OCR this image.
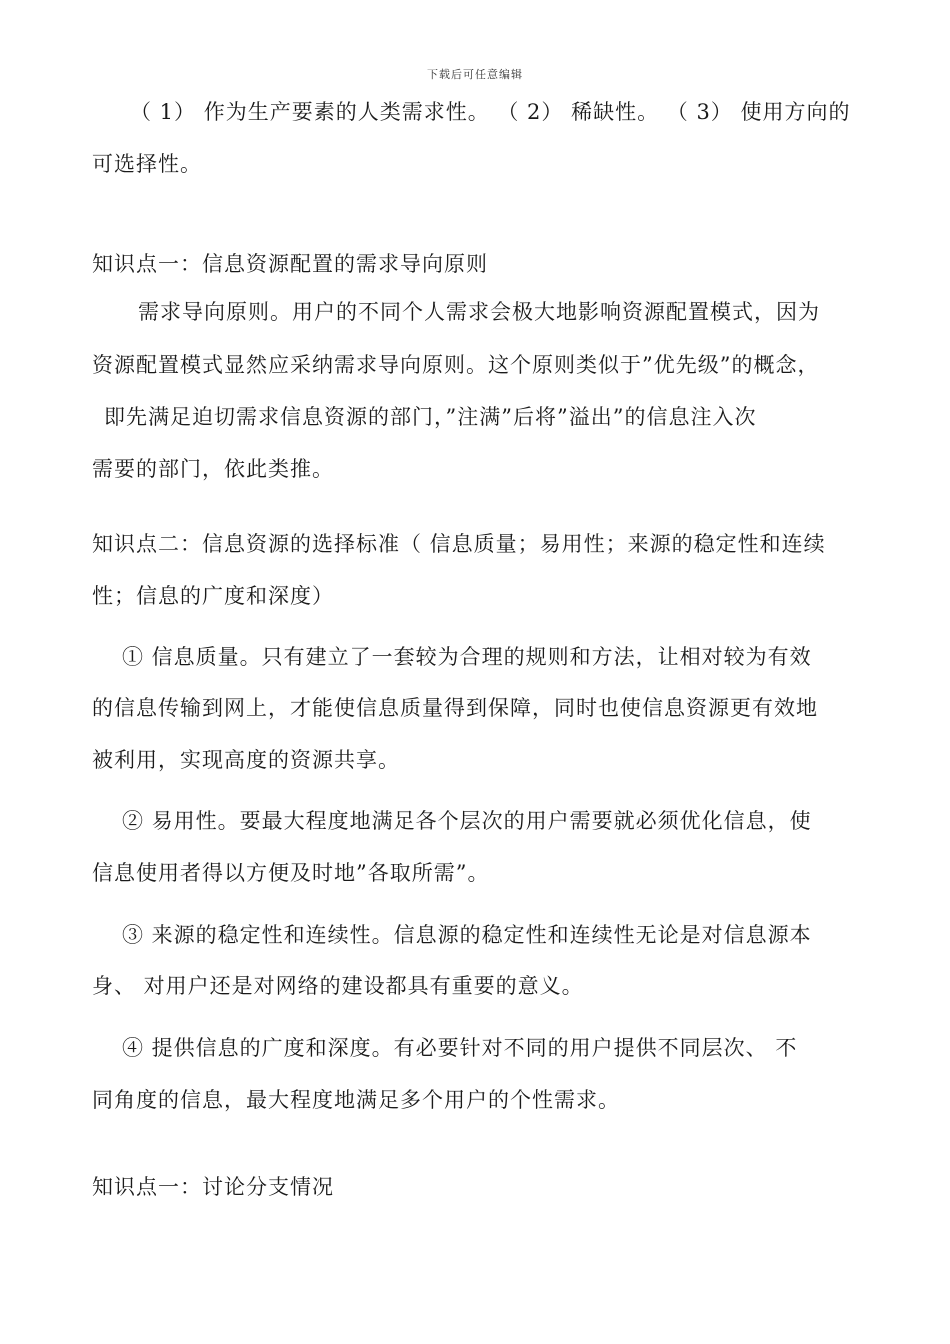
下载后可任意编辑
（ 1） 作为生产要素的人类需求性。 （ 2） 稀缺性。 （ 3） 使用方向的
可选择性。
知识点一：信息资源配置的需求导向原则
需求导向原则。用户的不同个人需求会极大地影响资源配置模式，因为
资源配置模式显然应采纳需求导向原则。这个原则类似于”优先级”的概念，
即先满足迫切需求信息资源的部门，”注满”后将”溢出”的信息注入次
需要的部门，依此类推。
知识点二：信息资源的选择标准（ 信息质量；易用性；来源的稳定性和连续
性；信息的广度和深度）
① 信息质量。只有建立了一套较为合理的规则和方法，让相对较为有效
的信息传输到网上，才能使信息质量得到保障，同时也使信息资源更有效地
被利用，实现高度的资源共享。
② 易用性。要最大程度地满足各个层次的用户需要就必须优化信息，使
信息使用者得以方便及时地”各取所需”。
③ 来源的稳定性和连续性。信息源的稳定性和连续性无论是对信息源本
身、 对用户还是对网络的建设都具有重要的意义。
④ 提供信息的广度和深度。有必要针对不同的用户提供不同层次、 不
同角度的信息，最大程度地满足多个用户的个性需求。
知识点一：讨论分支情况
